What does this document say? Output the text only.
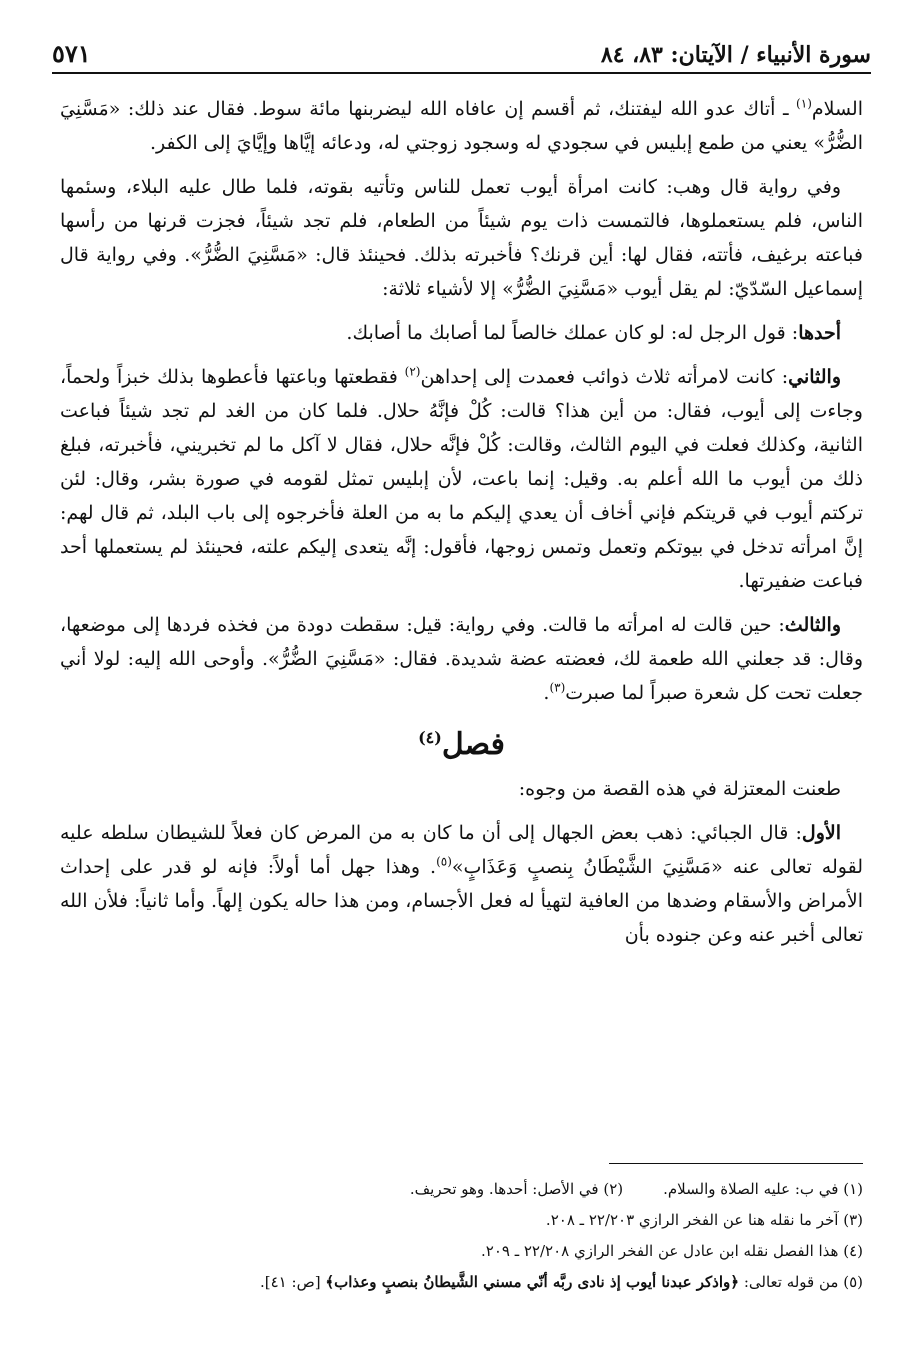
سورة الأنبياء / الآيتان: ٨٣، ٨٤
٥٧١

السلام$^{(١)}$ ـ أتاك عدو الله ليفتنك، ثم أقسم إن عافاه الله ليضربنها مائة سوط. فقال عند ذلك: «مَسَّنِيَ الضُّرُّ» يعني من طمع إبليس في سجودي له وسجود زوجتي له، ودعائه إيَّاها وإيَّايَ إلى الكفر.

وفي رواية قال وهب: كانت امرأة أيوب تعمل للناس وتأتيه بقوته، فلما طال عليه البلاء، وسئمها الناس، فلم يستعملوها، فالتمست ذات يوم شيئاً من الطعام، فلم تجد شيئاً، فجزت قرنها من رأسها فباعته برغيف، فأتته، فقال لها: أين قرنك؟ فأخبرته بذلك. فحينئذ قال: «مَسَّنِيَ الضُّرُّ». وفي رواية قال إسماعيل السّدّيّ: لم يقل أيوب «مَسَّنِيَ الضُّرُّ» إلا لأشياء ثلاثة:

أحدها: قول الرجل له: لو كان عملك خالصاً لما أصابك ما أصابك.

والثاني: كانت لامرأته ثلاث ذوائب فعمدت إلى إحداهن$^{(٢)}$ فقطعتها وباعتها فأعطوها بذلك خبزاً ولحماً، وجاءت إلى أيوب، فقال: من أين هذا؟ قالت: كُلْ فإنَّهُ حلال. فلما كان من الغد لم تجد شيئاً فباعت الثانية، وكذلك فعلت في اليوم الثالث، وقالت: كُلْ فإنَّه حلال، فقال لا آكل ما لم تخبريني، فأخبرته، فبلغ ذلك من أيوب ما الله أعلم به. وقيل: إنما باعت، لأن إبليس تمثل لقومه في صورة بشر، وقال: لئن تركتم أيوب في قريتكم فإني أخاف أن يعدي إليكم ما به من العلة فأخرجوه إلى باب البلد، ثم قال لهم: إنَّ امرأته تدخل في بيوتكم وتعمل وتمس زوجها، فأقول: إنَّه يتعدى إليكم علته، فحينئذ لم يستعملها أحد فباعت ضفيرتها.

والثالث: حين قالت له امرأته ما قالت. وفي رواية: قيل: سقطت دودة من فخذه فردها إلى موضعها، وقال: قد جعلني الله طعمة لك، فعضته عضة شديدة. فقال: «مَسَّنِيَ الضُّرُّ». وأوحى الله إليه: لولا أني جعلت تحت كل شعرة صبراً لما صبرت$^{(٣)}$.

فصل$^{(٤)}$

طعنت المعتزلة في هذه القصة من وجوه:

الأول: قال الجبائي: ذهب بعض الجهال إلى أن ما كان به من المرض كان فعلاً للشيطان سلطه عليه لقوله تعالى عنه «مَسَّنِيَ الشَّيْطَانُ بِنصبٍ وَعَذَابٍ»$^{(٥)}$. وهذا جهل أما أولاً: فإنه لو قدر على إحداث الأمراض والأسقام وضدها من العافية لتهيأ له فعل الأجسام، ومن هذا حاله يكون إلهاً. وأما ثانياً: فلأن الله تعالى أخبر عنه وعن جنوده بأن

(١) في ب: عليه الصلاة والسلام.
(٢) في الأصل: أحدها. وهو تحريف.
(٣) آخر ما نقله هنا عن الفخر الرازي ٢٢/٢٠٣ ـ ٢٠٨.
(٤) هذا الفصل نقله ابن عادل عن الفخر الرازي ٢٢/٢٠٨ ـ ٢٠٩.
(٥) من قوله تعالى: ﴿واذكر عبدنا أيوب إذ نادى ربَّه أنّي مسني الشَّيطانُ بنصبٍ وعذاب﴾ [ص: ٤١].
